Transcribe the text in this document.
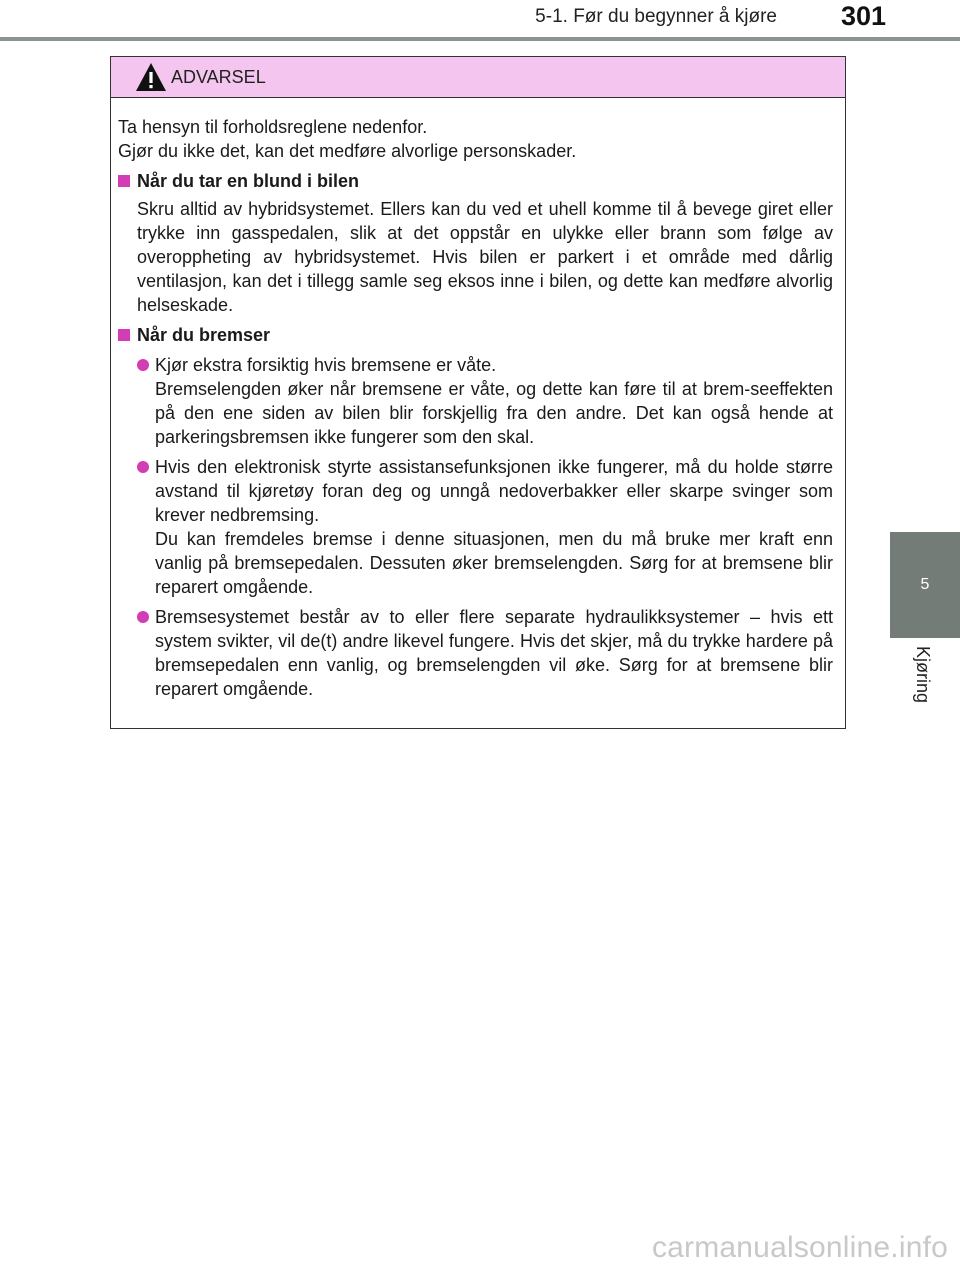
5-1. Før du begynner å kjøre 301
5
Kjøring
ADVARSEL

Ta hensyn til forholdsreglene nedenfor.

Gjør du ikke det, kan det medføre alvorlige personskader.

Når du tar en blund i bilen
Skru alltid av hybridsystemet. Ellers kan du ved et uhell komme til å bevege giret eller trykke inn gasspedalen, slik at det oppstår en ulykke eller brann som følge av overoppheting av hybridsystemet. Hvis bilen er parkert i et område med dårlig ventilasjon, kan det i tillegg samle seg eksos inne i bilen, og dette kan medføre alvorlig helseskade.
Når du bremser

Kjør ekstra forsiktig hvis bremsene er våte.

Bremselengden øker når bremsene er våte, og dette kan føre til at brem-seeffekten på den ene siden av bilen blir forskjellig fra den andre. Det kan også hende at parkeringsbremsen ikke fungerer som den skal.

Hvis den elektronisk styrte assistansefunksjonen ikke fungerer, må du holde større avstand til kjøretøy foran deg og unngå nedoverbakker eller skarpe svinger som krever nedbremsing.

Du kan fremdeles bremse i denne situasjonen, men du må bruke mer kraft enn vanlig på bremsepedalen. Dessuten øker bremselengden. Sørg for at bremsene blir reparert omgående.

Bremsesystemet består av to eller flere separate hydraulikksystemer – hvis ett system svikter, vil de(t) andre likevel fungere. Hvis det skjer, må du trykke hardere på bremsepedalen enn vanlig, og bremselengden vil øke. Sørg for at bremsene blir reparert omgående.

carmanualsonline.info
